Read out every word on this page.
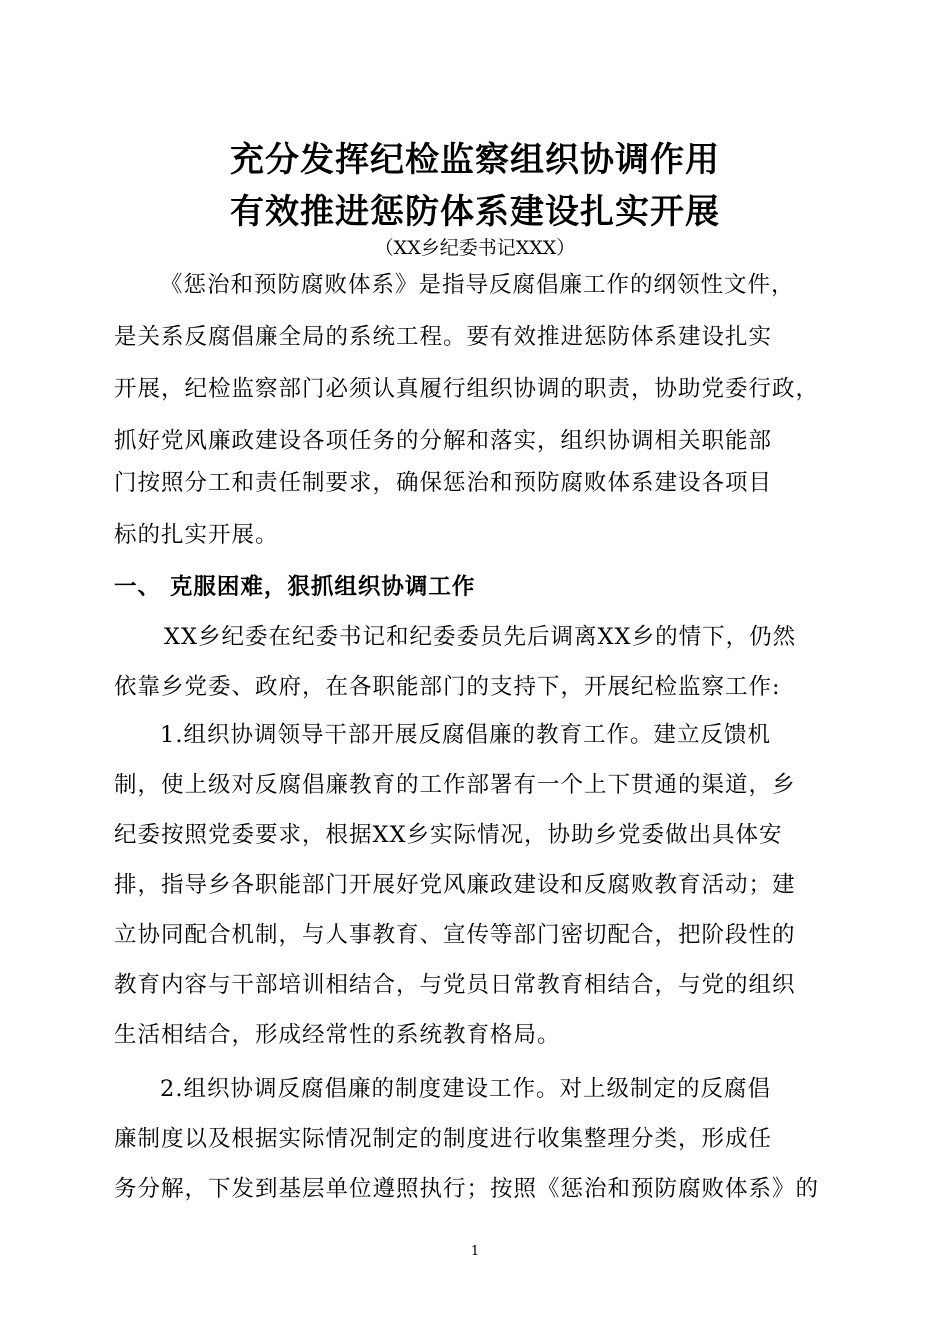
充分发挥纪检监察组织协调作用
有效推进惩防体系建设扎实开展
（XX乡纪委书记XXX）
《惩治和预防腐败体系》是指导反腐倡廉工作的纲领性文件，
是关系反腐倡廉全局的系统工程。要有效推进惩防体系建设扎实
开展，纪检监察部门必须认真履行组织协调的职责，协助党委行政，
抓好党风廉政建设各项任务的分解和落实，组织协调相关职能部
门按照分工和责任制要求，确保惩治和预防腐败体系建设各项目
标的扎实开展。
一、 克服困难，狠抓组织协调工作
XX乡纪委在纪委书记和纪委委员先后调离XX乡的情下，仍然
依靠乡党委、政府，在各职能部门的支持下，开展纪检监察工作:
1.组织协调领导干部开展反腐倡廉的教育工作。建立反馈机
制，使上级对反腐倡廉教育的工作部署有一个上下贯通的渠道，乡
纪委按照党委要求，根据XX乡实际情况，协助乡党委做出具体安
排，指导乡各职能部门开展好党风廉政建设和反腐败教育活动；建
立协同配合机制，与人事教育、宣传等部门密切配合，把阶段性的
教育内容与干部培训相结合，与党员日常教育相结合，与党的组织
生活相结合，形成经常性的系统教育格局。
2.组织协调反腐倡廉的制度建设工作。对上级制定的反腐倡
廉制度以及根据实际情况制定的制度进行收集整理分类，形成任
务分解，下发到基层单位遵照执行；按照《惩治和预防腐败体系》的
1
